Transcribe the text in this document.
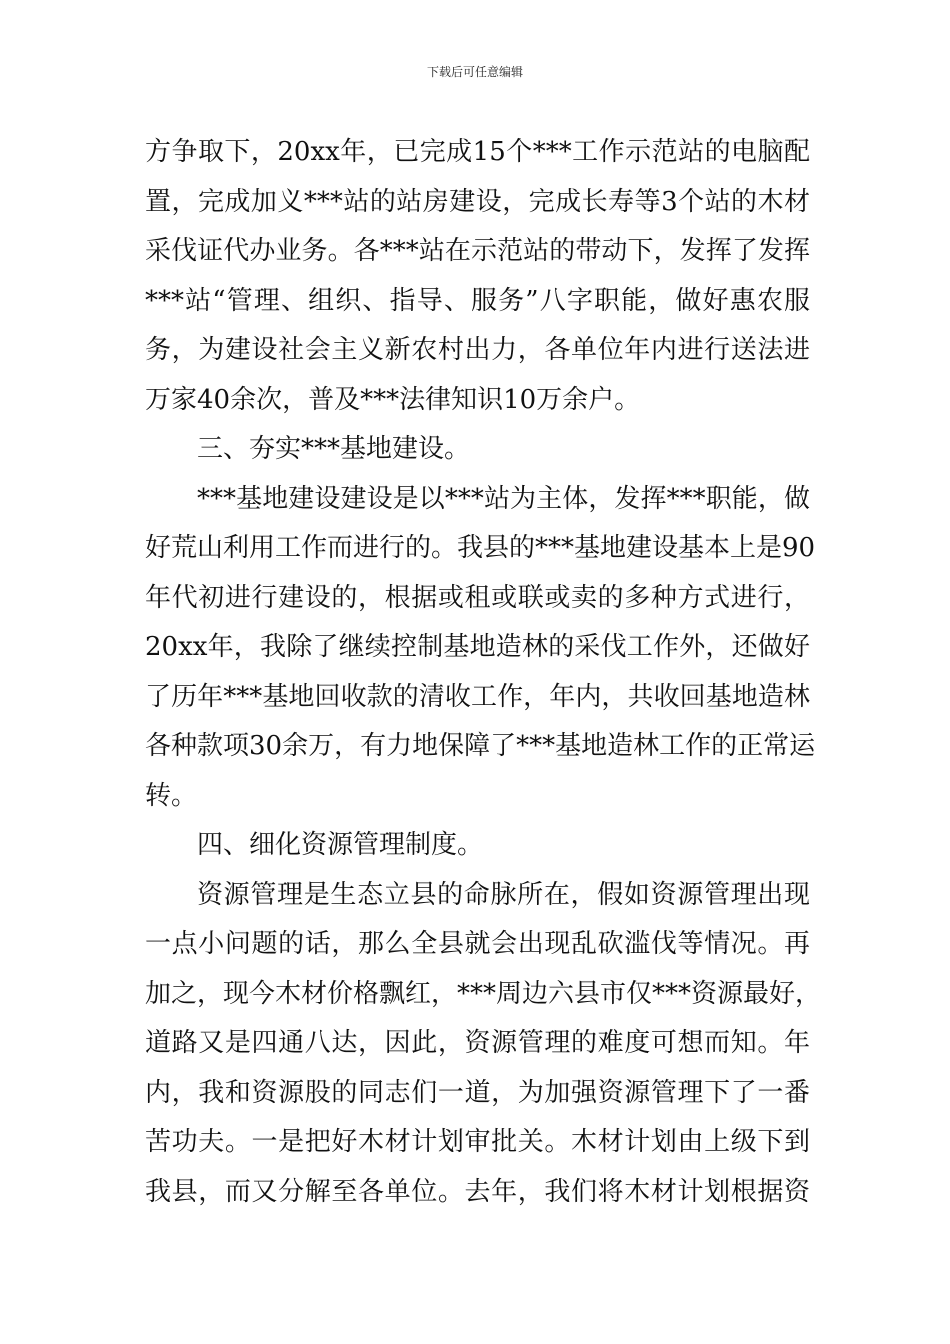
下载后可任意编辑
方争取下，20xx年，已完成15个***工作示范站的电脑配
置，完成加义***站的站房建设，完成长寿等3个站的木材
采伐证代办业务。各***站在示范站的带动下，发挥了发挥
***站“管理、组织、指导、服务”八字职能，做好惠农服
务，为建设社会主义新农村出力，各单位年内进行送法进
万家40余次，普及***法律知识10万余户。
三、夯实***基地建设。
***基地建设建设是以***站为主体，发挥***职能，做
好荒山利用工作而进行的。我县的***基地建设基本上是90
年代初进行建设的，根据或租或联或卖的多种方式进行，
20xx年，我除了继续控制基地造林的采伐工作外，还做好
了历年***基地回收款的清收工作，年内，共收回基地造林
各种款项30余万，有力地保障了***基地造林工作的正常运
转。
四、细化资源管理制度。
资源管理是生态立县的命脉所在，假如资源管理出现
一点小问题的话，那么全县就会出现乱砍滥伐等情况。再
加之，现今木材价格飘红，***周边六县市仅***资源最好，
道路又是四通八达，因此，资源管理的难度可想而知。年
内，我和资源股的同志们一道，为加强资源管理下了一番
苦功夫。一是把好木材计划审批关。木材计划由上级下到
我县，而又分解至各单位。去年，我们将木材计划根据资
